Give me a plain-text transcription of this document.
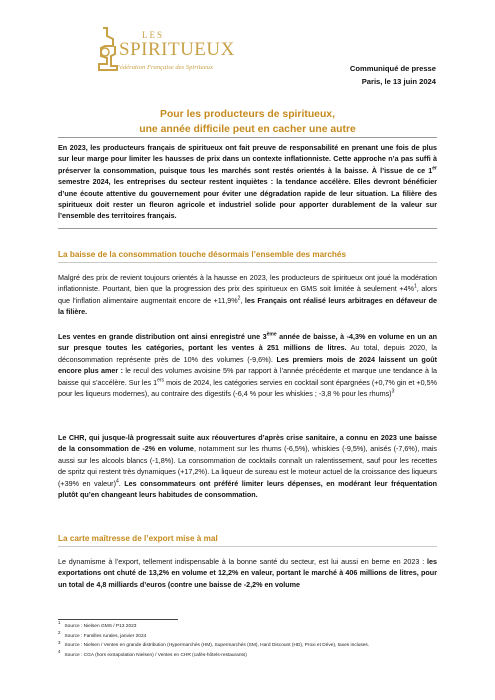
LES
SPIRITUEUX
Fédération Française des Spiritueux	Communiqué de presse
Paris, le 13 juin 2024
Pour les producteurs de spiritueux,
une année difficile peut en cacher une autre

En 2023, les producteurs français de spiritueux ont fait preuve de responsabilité en prenant une fois de plus sur leur marge pour limiter les hausses de prix dans un contexte inflationniste. Cette approche n’a pas suffi à préserver la consommation, puisque tous les marchés sont restés orientés à la baisse. À l’issue de ce 1er semestre 2024, les entreprises du secteur restent inquiètes : la tendance accélère. Elles devront bénéficier d’une écoute attentive du gouvernement pour éviter une dégradation rapide de leur situation. La filière des spiritueux doit rester un fleuron agricole et industriel solide pour apporter durablement de la valeur sur l’ensemble des territoires français.

La baisse de la consommation touche désormais l’ensemble des marchés

Malgré des prix de revient toujours orientés à la hausse en 2023, les producteurs de spiritueux ont joué la modération inflationniste. Pourtant, bien que la progression des prix des spiritueux en GMS soit limitée à seulement +4%$^1$, alors que l’inflation alimentaire augmentait encore de +11,9%$^2$, les Français ont réalisé leurs arbitrages en défaveur de la filière.

Les ventes en grande distribution ont ainsi enregistré une 3ème année de baisse, à -4,3% en volume en un an sur presque toutes les catégories, portant les ventes à 251 millions de litres. Au total, depuis 2020, la déconsommation représente près de 10% des volumes (-9,6%). Les premiers mois de 2024 laissent un goût encore plus amer : le recul des volumes avoisine 5% par rapport à l’année précédente et marque une tendance à la baisse qui s’accélère. Sur les 1ers mois de 2024, les catégories servies en cocktail sont épargnées (+0,7% gin et +0,5% pour les liqueurs modernes), au contraire des digestifs (-6,4 % pour les whiskies ; -3,8 % pour les rhums)$^3$

Le CHR, qui jusque-là progressait suite aux réouvertures d’après crise sanitaire, a connu en 2023 une baisse de la consommation de -2% en volume, notamment sur les rhums (-6,5%), whiskies (-9,5%), anisés (-7,6%), mais aussi sur les alcools blancs (-1,8%). La consommation de cocktails connaît un ralentissement, sauf pour les recettes de spritz qui restent très dynamiques (+17,2%). La liqueur de sureau est le moteur actuel de la croissance des liqueurs (+39% en valeur)$^4$. Les consommateurs ont préféré limiter leurs dépenses, en modérant leur fréquentation plutôt qu’en changeant leurs habitudes de consommation.

La carte maîtresse de l’export mise à mal

Le dynamisme à l’export, tellement indispensable à la bonne santé du secteur, est lui aussi en berne en 2023 : les exportations ont chuté de 13,2% en volume et 12,2% en valeur, portant le marché à 406 millions de litres, pour un total de 4,8 milliards d’euros (contre une baisse de -2,2% en volume

$^1$Source : Nielsen GMS / P13 2023
$^2$Source : Familles rurales, janvier 2024
$^3$Source : Nielsen / Ventes en grande distribution (Hypermarchés (HM), Supermarchés (SM), Hard Discount (HD), Proxi et Drive), taxes incluses.
$^4$Source : CGA (hors extrapolation Nielsen) / Ventes en CHR (cafés-hôtels-restaurants)
